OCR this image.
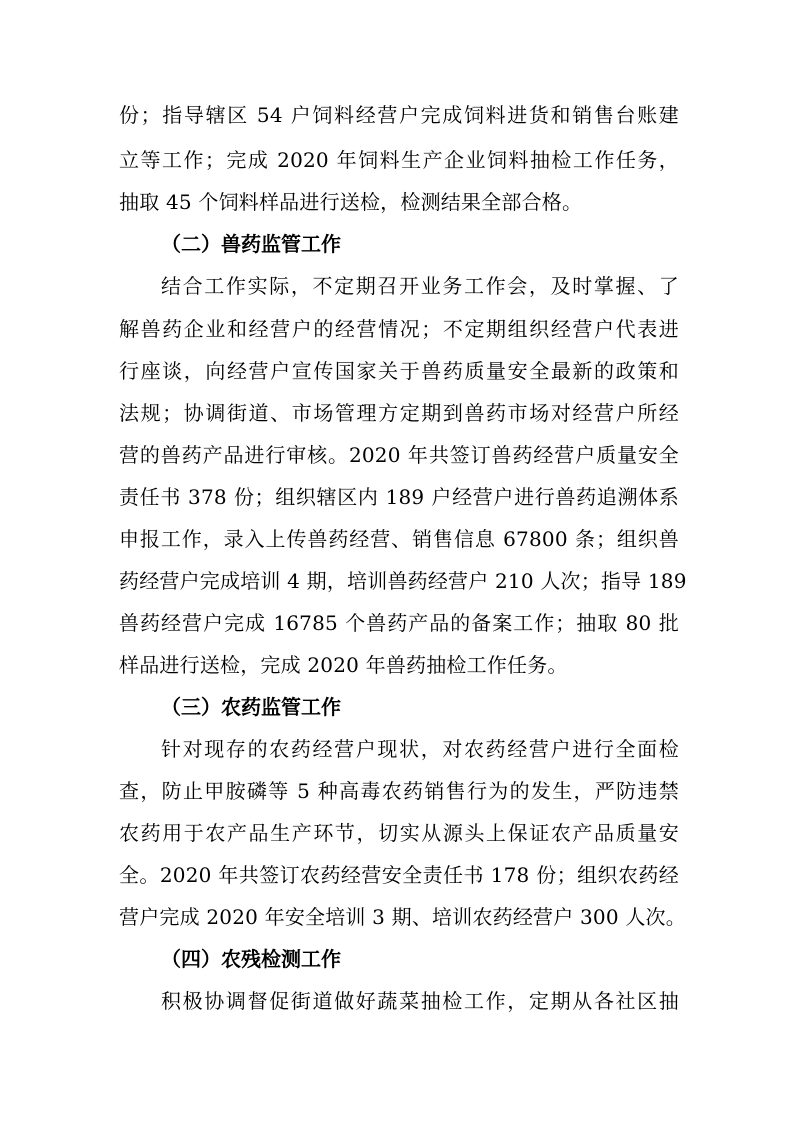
份；指导辖区 54 户饲料经营户完成饲料进货和销售台账建
立等工作；完成 2020 年饲料生产企业饲料抽检工作任务，
抽取 45 个饲料样品进行送检，检测结果全部合格。
（二）兽药监管工作
结合工作实际，不定期召开业务工作会，及时掌握、了
解兽药企业和经营户的经营情况；不定期组织经营户代表进
行座谈，向经营户宣传国家关于兽药质量安全最新的政策和
法规；协调街道、市场管理方定期到兽药市场对经营户所经
营的兽药产品进行审核。2020 年共签订兽药经营户质量安全
责任书 378 份；组织辖区内 189 户经营户进行兽药追溯体系
申报工作，录入上传兽药经营、销售信息 67800 条；组织兽
药经营户完成培训 4 期，培训兽药经营户 210 人次；指导 189
兽药经营户完成 16785 个兽药产品的备案工作；抽取 80 批
样品进行送检，完成 2020 年兽药抽检工作任务。
（三）农药监管工作
针对现存的农药经营户现状，对农药经营户进行全面检
查，防止甲胺磷等 5 种高毒农药销售行为的发生，严防违禁
农药用于农产品生产环节，切实从源头上保证农产品质量安
全。2020 年共签订农药经营安全责任书 178 份；组织农药经
营户完成 2020 年安全培训 3 期、培训农药经营户 300 人次。
（四）农残检测工作
积极协调督促街道做好蔬菜抽检工作，定期从各社区抽
